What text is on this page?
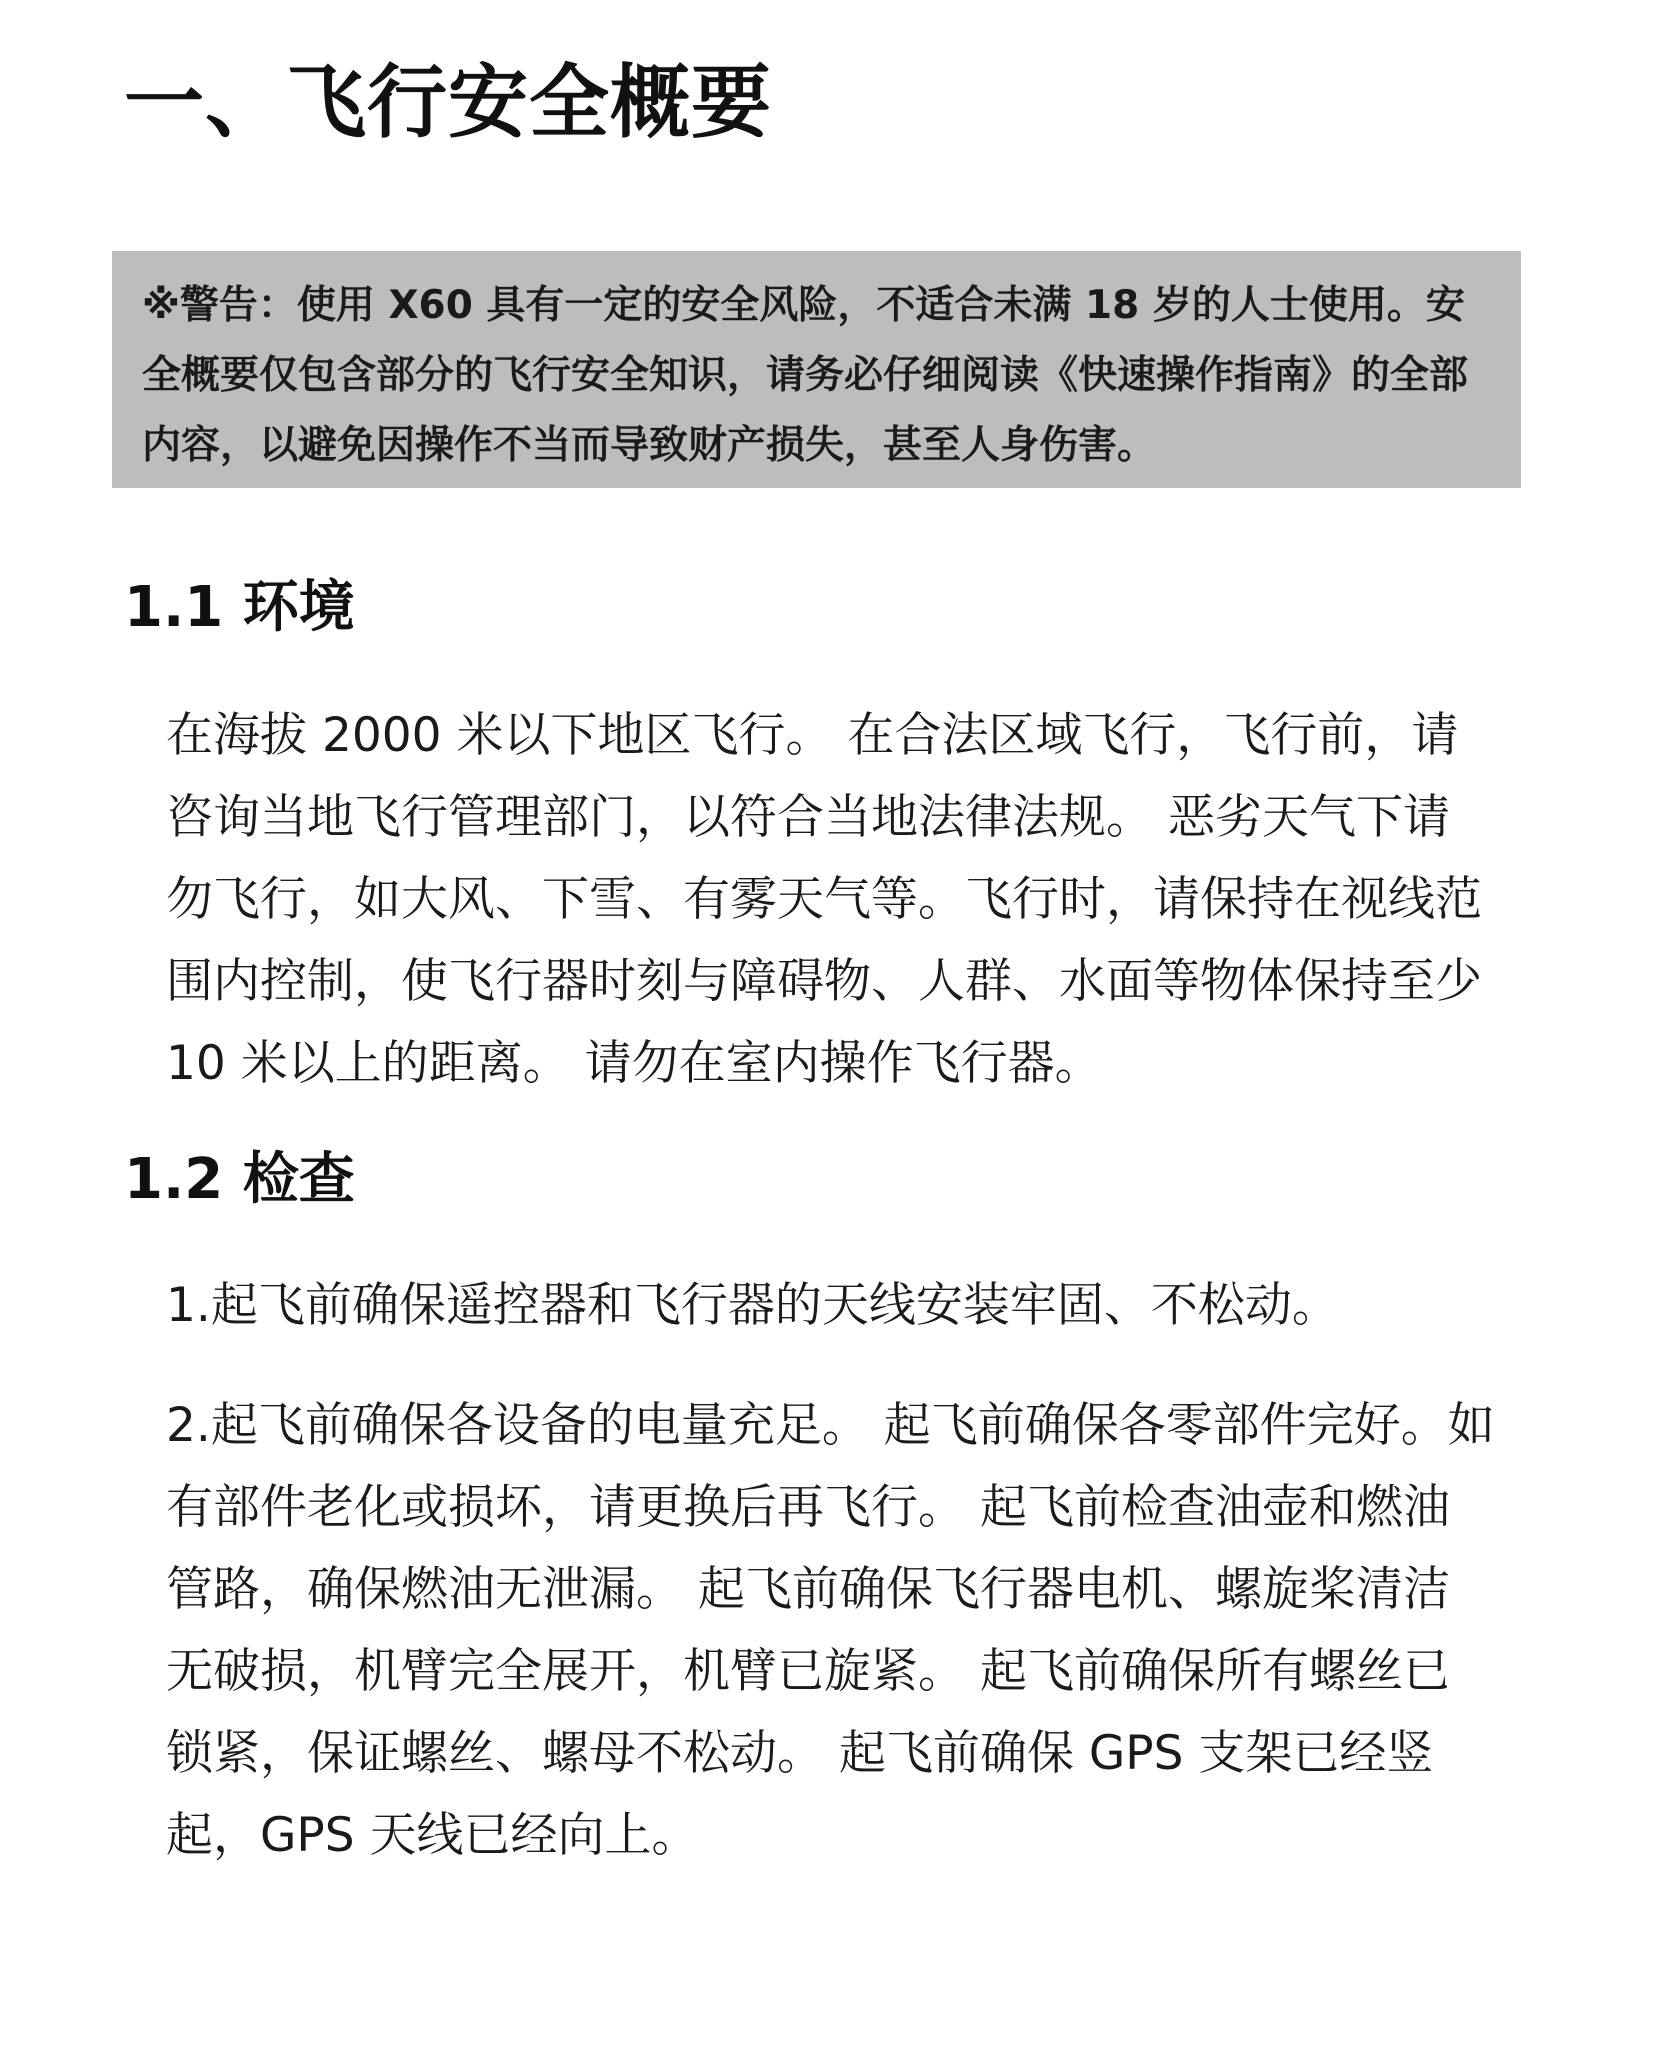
一、飞行安全概要

※警告：使用 X60 具有一定的安全风险，不适合未满 18 岁的人士使用。安全概要仅包含部分的飞行安全知识，请务必仔细阅读《快速操作指南》的全部内容，以避免因操作不当而导致财产损失，甚至人身伤害。

1.1 环境

在海拔 2000 米以下地区飞行。 在合法区域飞行，飞行前，请咨询当地飞行管理部门，以符合当地法律法规。 恶劣天气下请勿飞行，如大风、下雪、有雾天气等。飞行时，请保持在视线范围内控制，使飞行器时刻与障碍物、人群、水面等物体保持至少 10 米以上的距离。 请勿在室内操作飞行器。

1.2 检查

1.起飞前确保遥控器和飞行器的天线安装牢固、不松动。

2.起飞前确保各设备的电量充足。 起飞前确保各零部件完好。如有部件老化或损坏，请更换后再飞行。 起飞前检查油壶和燃油管路，确保燃油无泄漏。 起飞前确保飞行器电机、螺旋桨清洁无破损，机臂完全展开，机臂已旋紧。 起飞前确保所有螺丝已锁紧，保证螺丝、螺母不松动。 起飞前确保 GPS 支架已经竖起，GPS 天线已经向上。
